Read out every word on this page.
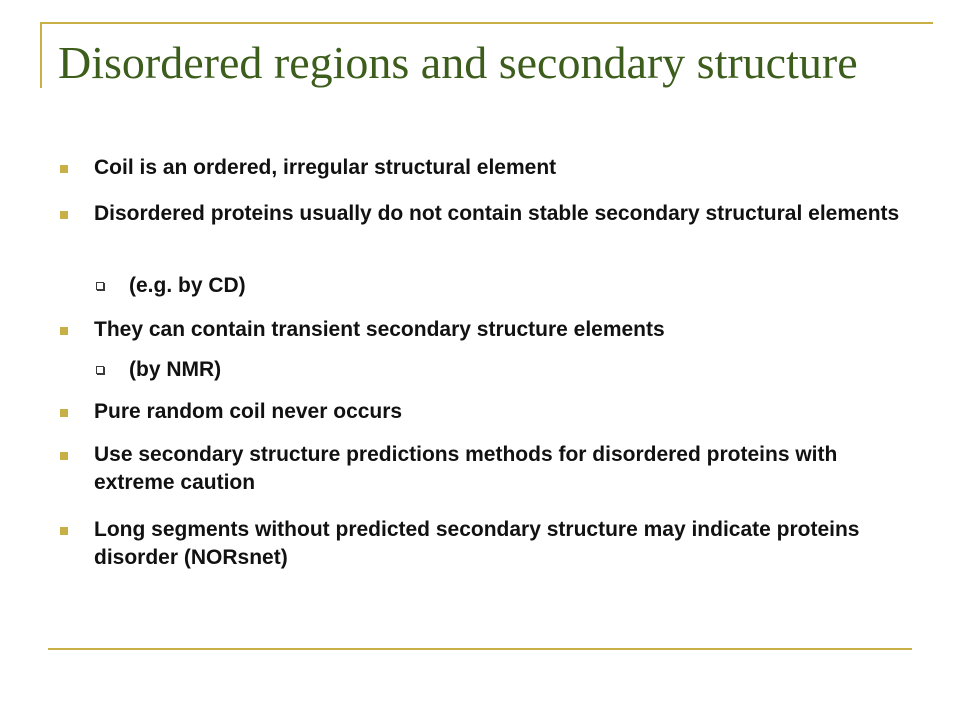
Disordered regions and secondary structure
Coil is an ordered, irregular structural element
Disordered proteins usually do not contain stable secondary structural elements
(e.g. by CD)
They can contain transient secondary structure elements
(by NMR)
Pure random coil never occurs
Use secondary structure predictions methods for disordered proteins with extreme caution
Long segments without predicted secondary structure may indicate proteins disorder (NORsnet)
